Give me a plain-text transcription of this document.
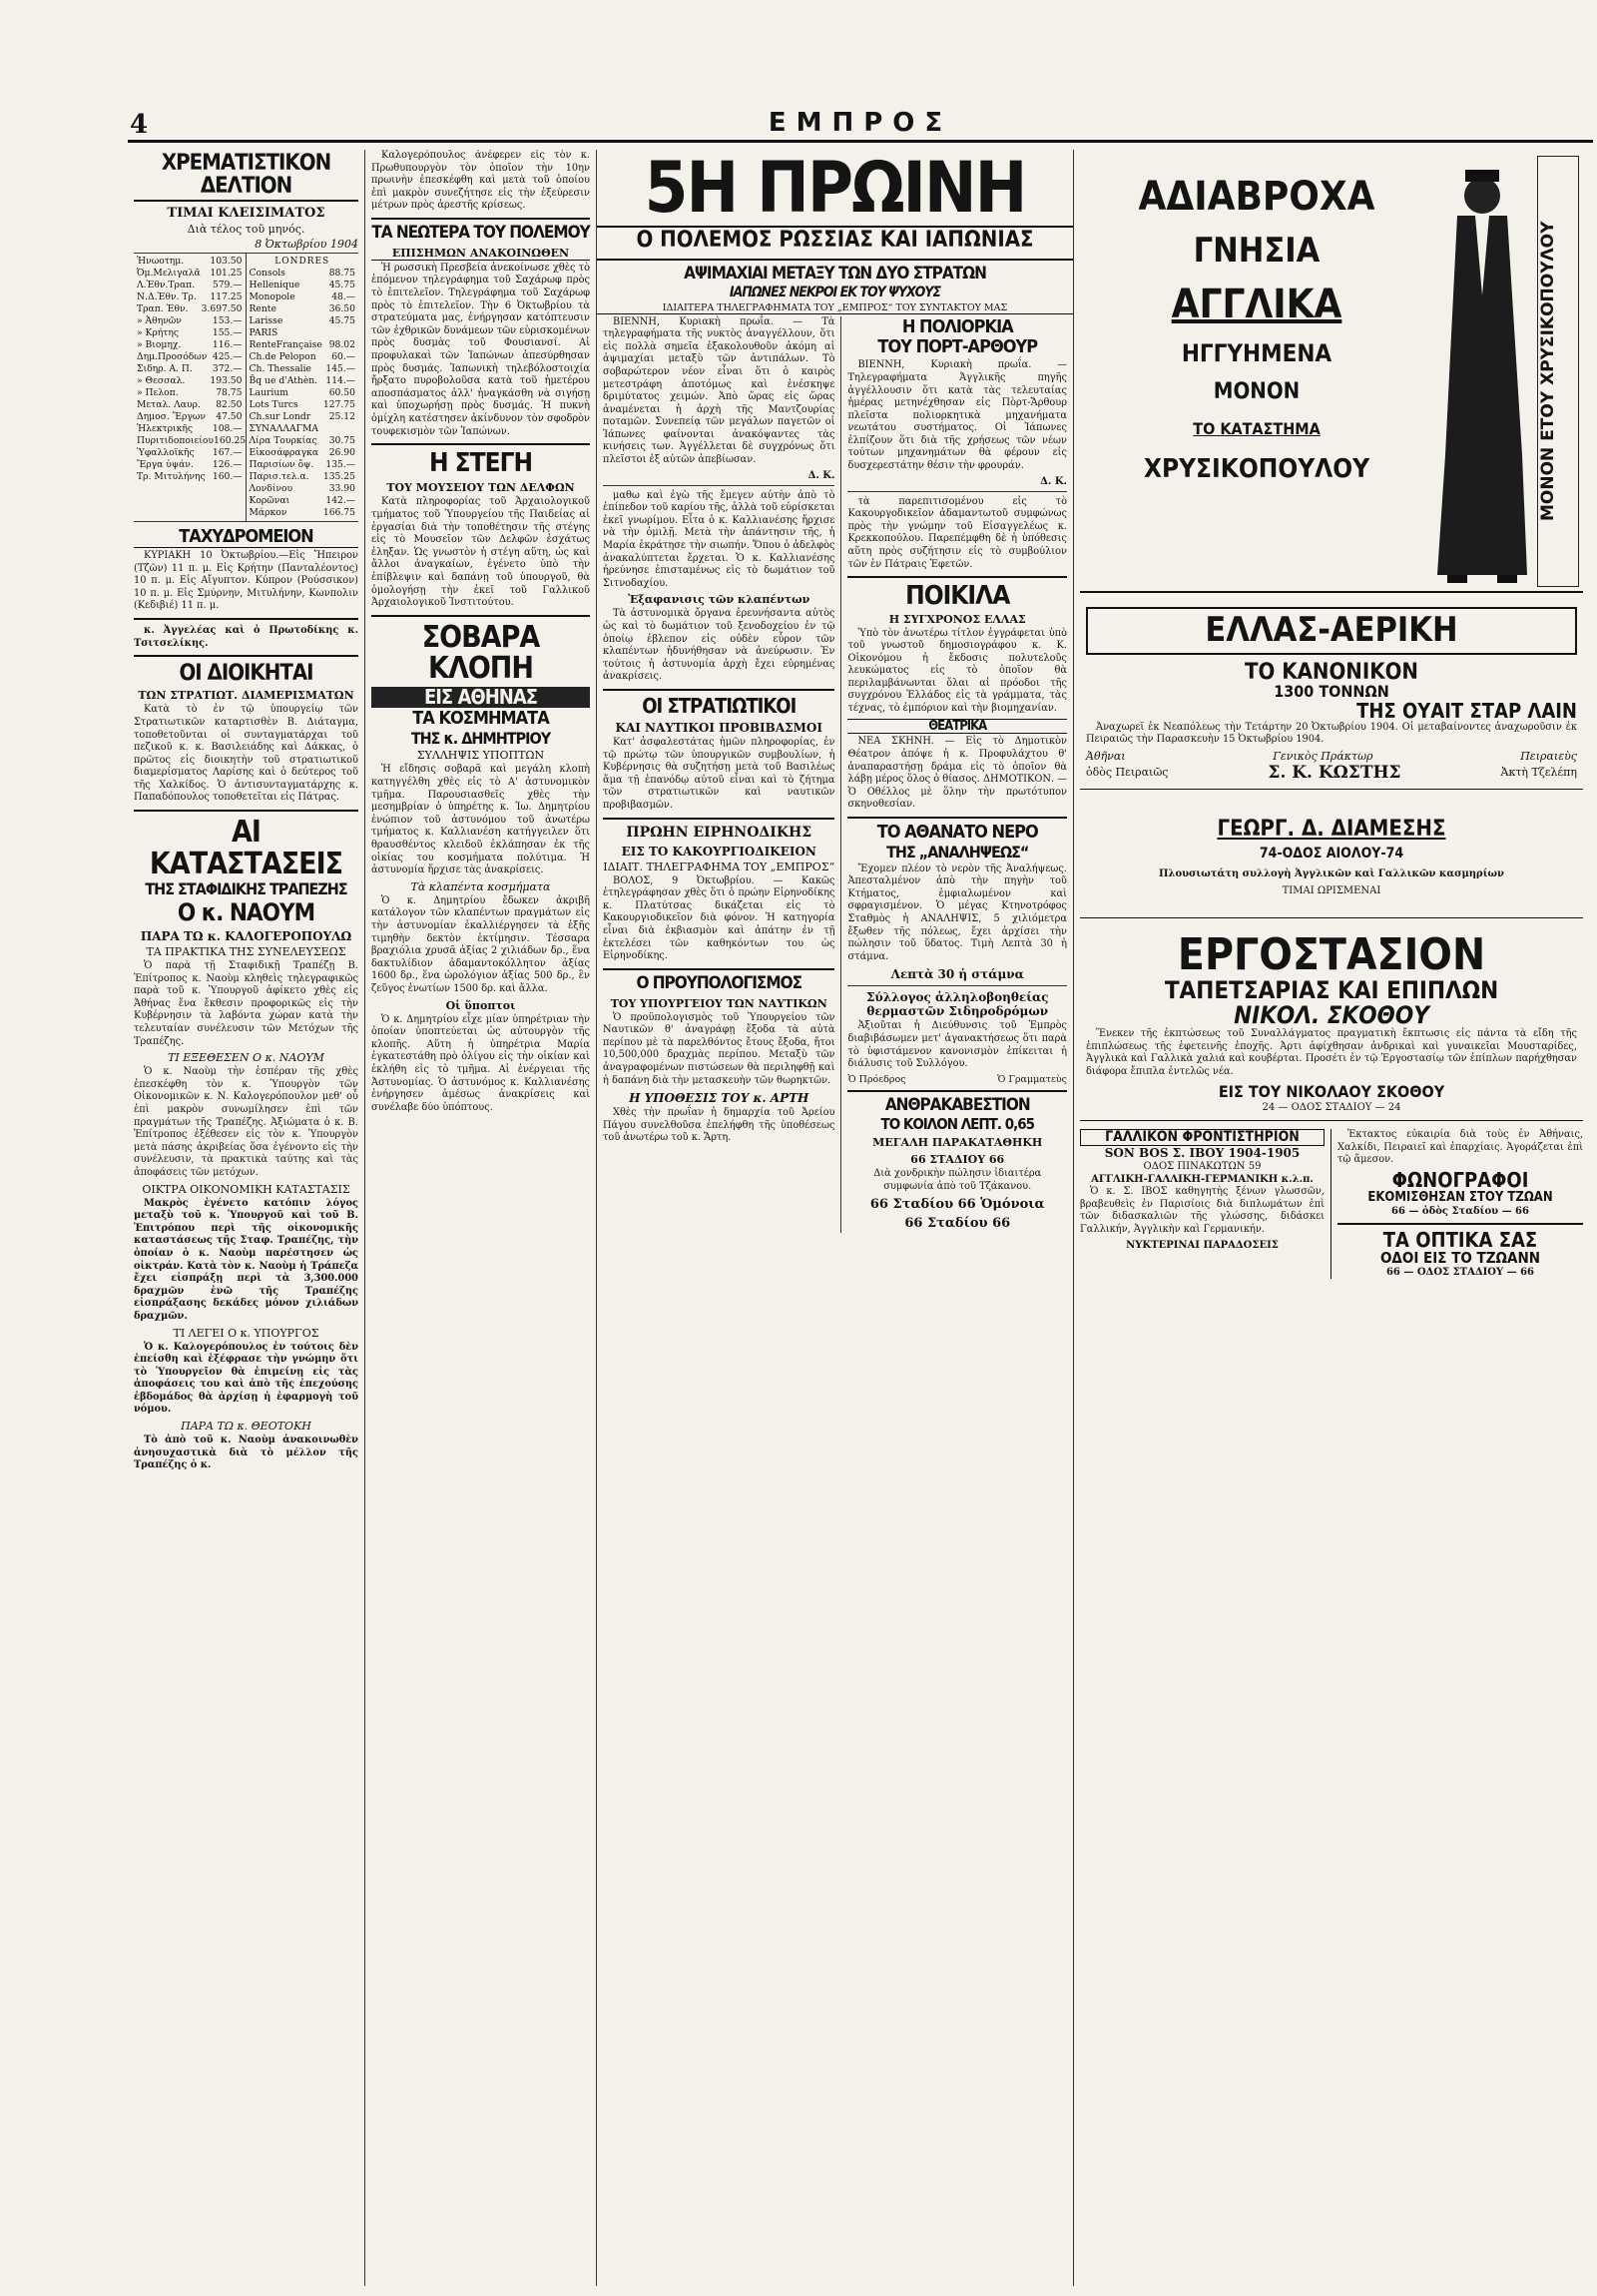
4	ΕΜΠΡΟΣ
ΧΡΕΜΑΤΙΣΤΙΚΟΝ ΔΕΛΤΙΟΝ
ΤΙΜΑΙ ΚΛΕΙΣΙΜΑΤΟΣ
Διὰ τέλος τοῦ μηνός.
8 Ὀκτωβρίου 1904
Ἡνωοτημ.	103.50
Ὀμ.Μελιγαλᾶ 101.25
Λ.Ἐθν.Τραπ. 579.—
Ν.Δ.Ἐθν. Τρ. 117.25
Τραπ. Ἐθν. 3.697.50
» Ἀθηνῶν	153.—
» Κρήτης	155.—
» Βιομηχ.	116.—
Δημ.Προσόδων 425.—
Σιδηρ. Α. Π. 372.—
» Θεσσαλ.	193.50
» Πελοπ.	78.75
Μεταλ. Λαυρ. 82.50
Δημοσ. Ἔργων 47.50
Ἠλεκτρικῆς 108.—
Πυριτιδοποιείου 160.25
Ὑφαλλοϊκῆς 167.—
Ἔργα ὑψάν. 126.—
Τρ. Μιτυλήνης 160.—
LONDRES
Consols	88.75
Hellenique	45.75
Monopole	48.—
Rente	36.50
Larisse	45.75
PARIS
RenteFrançaise 98.02
Ch.de Pelopon 60.—
Ch. Thessalie 145.—
B̄q ue d'Athèn. 114.—
Laurium	60.50
Lots Turcs	127.75
Ch.sur Londr 25.12
ΣΥΝΑΛΛΑΓΜΑ
Λίρα Τουρκίας 30.75
Εἰκοσάφραγκα 26.90
Παρισίων ὄψ. 135.—
Παρισ.τελ.α. 135.25
Λονδίνου	33.90
Κορῶναι	142.—
Μάρκον	166.75
ΤΑΧΥΔΡΟΜΕΙΟΝ

ΚΥΡΙΑΚΗ 10 Ὀκτωβρίου.—Εἰς Ἤπειρον (Τζῶν) 11 π. μ. Εἰς Κρήτην (Πανταλέοντος) 10 π. μ. Εἰς Αἴγυπτον. Κύπρον (Ρούσσικον) 10 π. μ. Εἰς Σμύρνην, Μιτυλήνην, Κωνπολιν (Κεδιβιέ) 11 π. μ.

κ. Ἀγγελέας καὶ ὁ Πρωτοδίκης κ. Τσιτσελίκης.

ΟΙ ΔΙΟΙΚΗΤΑΙ
ΤΩΝ ΣΤΡΑΤΙΩΤ. ΔΙΑΜΕΡΙΣΜΑΤΩΝ

Κατὰ τὸ ἐν τῷ ὑπουργείῳ τῶν Στρατιωτικῶν καταρτισθὲν Β. Διάταγμα, τοποθετοῦνται οἱ συνταγματάρχαι τοῦ πεζικοῦ κ. κ. Βασιλειάδης καὶ Δάκκας, ὁ πρῶτος εἰς διοικητὴν τοῦ στρατιωτικοῦ διαμερίσματος Λαρίσης καὶ ὁ δεύτερος τοῦ τῆς Χαλκίδος. Ὁ ἀντισυνταγματάρχης κ. Παπαδόπουλος τοποθετεῖται εἰς Πάτρας.

ΑΙ ΚΑΤΑΣΤΑΣΕΙΣ
ΤΗΣ ΣΤΑΦΙΔΙΚΗΣ ΤΡΑΠΕΖΗΣ
Ο κ. ΝΑΟΥΜ
ΠΑΡΑ ΤΩ κ. ΚΑΛΟΓΕΡΟΠΟΥΛΩ
ΤΑ ΠΡΑΚΤΙΚΑ ΤΗΣ ΣΥΝΕΛΕΥΣΕΩΣ

Ὁ παρὰ τῇ Σταφιδικῇ Τραπέζῃ Β. Ἐπίτροπος κ. Ναοὺμ κληθεὶς τηλεγραφικῶς παρὰ τοῦ κ. Ὑπουργοῦ ἀφίκετο χθὲς εἰς Ἀθήνας ἔνα ἔκθεσιν προφορικῶς εἰς τὴν Κυβέρνησιν τὰ λαβόντα χώραν κατὰ τὴν τελευταίαν συνέλευσιν τῶν Μετόχων τῆς Τραπέζης.

ΤΙ ΕΞΕΘΕΣΕΝ Ο κ. ΝΑΟΥΜ

Ὁ κ. Ναοὺμ τὴν ἑσπέραν τῆς χθὲς ἐπεσκέφθη τὸν κ. Ὑπουργὸν τῶν Οἰκονομικῶν κ. Ν. Καλογερόπουλον μεθ' οὗ ἐπὶ μακρὸν συνωμίλησεν ἐπὶ τῶν πραγμάτων τῆς Τραπέζης. Ἀξιώματα ὁ κ. Β. Ἐπίτροπος ἐξέθεσεν εἰς τὸν κ. Ὑπουργὸν μετὰ πάσης ἀκριβείας ὅσα ἐγένοντο εἰς τὴν συνέλευσιν, τὰ πρακτικὰ ταύτης καὶ τὰς ἀποφάσεις τῶν μετόχων.

ΟΙΚΤΡΑ ΟΙΚΟΝΟΜΙΚΗ ΚΑΤΑΣΤΑΣΙΣ

Μακρὸς ἐγένετο κατόπιν λόγος μεταξὺ τοῦ κ. Ὑπουργοῦ καὶ τοῦ Β. Ἐπιτρόπου περὶ τῆς οἰκονομικῆς καταστάσεως τῆς Σταφ. Τραπέζης, τὴν ὁποίαν ὁ κ. Ναοὺμ παρέστησεν ὡς οἰκτράν. Κατὰ τὸν κ. Ναοὺμ ἡ Τράπεζα ἔχει εἰσπράξῃ περὶ τὰ 3,300.000 δραχμῶν ἐνῶ τῆς Τραπέζης εἰσπράξασης δεκάδες μόνον χιλιάδων δραχμῶν.

ΤΙ ΛΕΓΕΙ Ο κ. ΥΠΟΥΡΓΟΣ

Ὁ κ. Καλογερόπουλος ἐν τούτοις δὲν ἐπείσθη καὶ ἐξέφρασε τὴν γνώμην ὅτι τὸ Ὑπουργεῖον θὰ ἐπιμείνῃ εἰς τὰς ἀποφάσεις του καὶ ἀπὸ τῆς ἐπεχούσης ἐβδομάδος θὰ ἀρχίσῃ ἡ ἐφαρμογὴ τοῦ νόμου.

ΠΑΡΑ ΤΩ κ. ΘΕΟΤΟΚΗ

Τὸ ἀπὸ τοῦ κ. Ναοὺμ ἀνακοινωθὲν ἀνησυχαστικὰ διὰ τὸ μέλλον τῆς Τραπέζης ὁ κ.

Καλογερόπουλος ἀνέφερεν εἰς τὸν κ. Πρωθυπουργὸν τὸν ὁποῖον τὴν 10ην πρωινὴν ἐπεσκέφθη καὶ μετὰ τοῦ ὁποίου ἐπὶ μακρὸν συνεζήτησε εἰς τὴν ἐξεύρεσιν μέτρων πρὸς ἀρεστῆς κρίσεως.

ΤΑ ΝΕΩΤΕΡΑ ΤΟΥ ΠΟΛΕΜΟΥ
ΕΠΙΣΗΜΩΝ ΑΝΑΚΟΙΝΩΘΕΝ

Ἡ ρωσσικὴ Πρεσβεία ἀνεκοίνωσε χθὲς τὸ ἑπόμενον τηλεγράφημα τοῦ Σαχάρωφ πρὸς τὸ ἐπιτελεῖον. Τηλεγράφημα τοῦ Σαχάρωφ πρὸς τὸ ἐπιτελεῖον. Τὴν 6 Ὀκτωβρίου τὰ στρατεύματα μας, ἐνήργησαν κατόπτευσιν τῶν ἐχθρικῶν δυνάμεων τῶν εὑρισκομένων πρὸς δυσμὰς τοῦ Φουσιανσί. Αἱ προφυλακαὶ τῶν Ἰαπώνων ἀπεσύρθησαν πρὸς δυσμάς. Ἰαπωνικὴ τηλεβόλοστοιχία ἤρξατο πυροβολοῦσα κατὰ τοῦ ἡμετέρου αποσπάσματος ἀλλ' ἠναγκάσθη νὰ σιγήσῃ καὶ ὑποχωρήσῃ πρὸς δυσμάς. Ἡ πυκνὴ ὁμίχλη κατέστησεν ἀκίνδυνον τὸν σφοδρὸν τουφεκισμὸν τῶν Ἰαπώνων.

Η ΣΤΕΓΗ
ΤΟΥ ΜΟΥΣΕΙΟΥ ΤΩΝ ΔΕΛΦΩΝ

Κατὰ πληροφορίας τοῦ Ἀρχαιολογικοῦ τμήματος τοῦ Ὑπουργείου τῆς Παιδείας αἱ ἐργασίαι διὰ τὴν τοποθέτησιν τῆς στέγης εἰς τὸ Μουσεῖον τῶν Δελφῶν ἐσχάτως ἐληξαν. Ὡς γνωστὸν ἡ στέγη αὕτη, ὡς καὶ ἄλλοι ἀναγκαίων, ἐγένετο ὑπὸ τὴν ἐπίβλεψιν καὶ δαπάνῃ τοῦ ὑπουργοῦ, θὰ ὁμολογήσῃ τὴν ἐκεῖ τοῦ Γαλλικοῦ Ἀρχαιολογικοῦ Ἰνστιτούτου.

ΣΟΒΑΡΑ ΚΛΟΠΗ
ΕΙΣ ΑΘΗΝΑΣ
ΤΑ ΚΟΣΜΗΜΑΤΑ
ΤΗΣ κ. ΔΗΜΗΤΡΙΟΥ
ΣΥΛΛΗΨΙΣ ΥΠΟΠΤΩΝ

Ἡ εἴδησις σοβαρᾶ καὶ μεγάλη κλοπὴ κατηγγέλθη χθὲς εἰς τὸ Α' ἀστυνομικὸν τμῆμα. Παρουσιασθεῖς χθὲς τὴν μεσημβρίαν ὁ ὑπηρέτης κ. Ἰω. Δημητρίου ἐνώπιον τοῦ ἀστυνόμου τοῦ ἀνωτέρω τμήματος κ. Καλλιανέση κατήγγειλεν ὅτι θραυσθέντος κλειδοῦ ἐκλάπησαν ἐκ τῆς οἰκίας του κοσμήματα πολύτιμα. Ἡ ἀστυνομία ἤρχισε τὰς ἀνακρίσεις.

Τὰ κλαπέντα κοσμήματα

Ὁ κ. Δημητρίου ἔδωκεν ἀκριβῆ κατάλογον τῶν κλαπέντων πραγμάτων εἰς τὴν ἀστυνομίαν ἐκαλλιέργησεν τὰ ἑξῆς τιμηθὴν δεκτὸν ἐκτίμησιν. Τέσσαρα βραχιόλια χρυσᾶ ἀξίας 2 χιλιάδων δρ., ἕνα δακτυλίδιον ἀδαμαντοκόλλητον ἀξίας 1600 δρ., ἕνα ὡρολόγιον ἀξίας 500 δρ., ἓν ζεῦγος ἐνωτίων 1500 δρ. καὶ ἄλλα.

Οἱ ὕποπτοι

Ὁ κ. Δημητρίου εἶχε μίαν ὑπηρέτριαν τὴν ὁποίαν ὑποπτεύεται ὡς αὐτουργὸν τῆς κλοπῆς. Αὕτη ἡ ὑπηρέτρια Μαρία ἐγκατεστάθη πρὸ ὀλίγου εἰς τὴν οἰκίαν καὶ ἐκλήθη εἰς τὸ τμῆμα. Αἱ ἐνέργειαι τῆς Ἀστυνομίας. Ὁ ἀστυνόμος κ. Καλλιανέσης ἐνήργησεν ἀμέσως ἀνακρίσεις καὶ συνέλαβε δύο ὑπόπτους.

5Η ΠΡΩΙΝΗ
Ο ΠΟΛΕΜΟΣ ΡΩΣΣΙΑΣ ΚΑΙ ΙΑΠΩΝΙΑΣ
ΑΨΙΜΑΧΙΑΙ ΜΕΤΑΞΥ ΤΩΝ ΔΥΟ ΣΤΡΑΤΩΝ
ΙΑΠΩΝΕΣ ΝΕΚΡΟΙ ΕΚ ΤΟΥ ΨΥΧΟΥΣ
ΙΔΙΑΙΤΕΡΑ ΤΗΛΕΓΡΑΦΗΜΑΤΑ ΤΟΥ „ΕΜΠΡΟΣ“ ΤΟΥ ΣΥΝΤΑΚΤΟΥ ΜΑΣ

ΒΙΕΝΝΗ, Κυριακὴ πρωΐα. — Τὰ τηλεγραφήματα τῆς νυκτὸς ἀναγγέλλουν, ὅτι εἰς πολλὰ σημεῖα ἐξακολουθοῦν ἀκόμη αἱ ἀψιμαχίαι μεταξὺ τῶν ἀντιπάλων. Τὸ σοβαρώτερον νέον εἶναι ὅτι ὁ καιρὸς μετεστράφη ἀποτόμως καὶ ἐνέσκηψε δριμύτατος χειμών. Ἀπὸ ὥρας εἰς ὥρας ἀναμένεται ἡ ἀρχὴ τῆς Μαντζουρίας ποταμῶν. Συνεπείᾳ τῶν μεγάλων παγετῶν οἱ Ἰάπωνες φαίνονται ἀνακόψαντες τὰς κινήσεις των. Ἀγγέλλεται δὲ συγχρόνως ὅτι πλεῖστοι ἐξ αὐτῶν ἀπεβίωσαν.

Δ. Κ.

μαθω καὶ ἐγὼ τῆς ἔμεγεν αὐτὴν ἀπὸ τὸ ἐπίπεδον τοῦ καρίου τῆς, ἀλλὰ τοῦ εὑρίσκεται ἐκεῖ γνωρίμου. Εἶτα ὁ κ. Καλλιανέσης ἤρχισε νὰ τὴν ὁμιλῇ. Μετὰ τὴν ἀπάντησιν τῆς, ἡ Μαρία ἐκράτησε τὴν σιωπήν. Ὅπου ὁ ἀδελφὸς ἀνακαλύπτεται ἔρχεται. Ὁ κ. Καλλιανέσης ἠρεύνησε ἐπισταμένως εἰς τὸ δωμάτιον τοῦ Σιτνοδαχίου.

Ἐξαφανισις τῶν κλαπέντων

Τὰ ἀστυνομικὰ ὄργανα ἐρευνήσαντα αὐτὸς ὡς καὶ τὸ δωμάτιον τοῦ ξενοδοχείου ἐν τῷ ὁποίῳ ἐβλεπον εἰς οὐδὲν εὗρον τῶν κλαπέντων ἠδυνήθησαν νὰ ἀνεύρωσιν. Ἐν τούτοις ἡ ἀστυνομία ἀρχὴ ἔχει εὐρημένας ἀνακρίσεις.

ΟΙ ΣΤΡΑΤΙΩΤΙΚΟΙ
ΚΑΙ ΝΑΥΤΙΚΟΙ ΠΡΟΒΙΒΑΣΜΟΙ

Κατ' ἀσφαλεστάτας ἡμῶν πληροφορίας, ἐν τῷ πρώτῳ τῶν ὑπουργικῶν συμβουλίων, ἡ Κυβέρνησις θὰ συζητήσῃ μετὰ τοῦ Βασιλέως ἅμα τῇ ἐπανόδῳ αὐτοῦ εἶναι καὶ τὸ ζήτημα τῶν στρατιωτικῶν καὶ ναυτικῶν προβιβασμῶν.

ΠΡΩΗΝ ΕΙΡΗΝΟΔΙΚΗΣ
ΕΙΣ ΤΟ ΚΑΚΟΥΡΓΙΟΔΙΚΕΙΟΝ
ΙΔΙΑΙΤ. ΤΗΛΕΓΡΑΦΗΜΑ ΤΟΥ „ΕΜΠΡΟΣ“

ΒΟΛΟΣ, 9 Ὀκτωβρίου. — Κακῶς ἐτηλεγράφησαν χθὲς ὅτι ὁ πρώην Εἰρηνοδίκης κ. Πλατύτσας δικάζεται εἰς τὸ Κακουργιοδικεῖον διὰ φόνον. Ἡ κατηγορία εἶναι διὰ ἐκβιασμὸν καὶ ἀπάτην ἐν τῇ ἐκτελέσει τῶν καθηκόντων του ὡς Εἰρηνοδίκης.

Ο ΠΡΟΥΠΟΛΟΓΙΣΜΟΣ
ΤΟΥ ΥΠΟΥΡΓΕΙΟΥ ΤΩΝ ΝΑΥΤΙΚΩΝ

Ὁ προϋπολογισμὸς τοῦ Ὑπουργείου τῶν Ναυτικῶν θ' ἀναγράφῃ ἔξοδα τὰ αὐτὰ περίπου μὲ τὰ παρελθόντος ἔτους ἔξοδα, ἤτοι 10,500,000 δραχμὰς περίπου. Μεταξὺ τῶν ἀναγραφομένων πιστώσεων θὰ περιληφθῇ καὶ ἡ δαπάνη διὰ τὴν μετασκευὴν τῶν θωρηκτῶν.

Η ΥΠΟΘΕΣΙΣ ΤΟΥ κ. ΑΡΤΗ

Χθὲς τὴν πρωΐαν ἡ δημαρχία τοῦ Ἀρείου Πάγου συνελθοῦσα ἐπελήφθη τῆς ὑποθέσεως τοῦ ἀνωτέρω τοῦ κ. Ἄρτη.

Η ΠΟΛΙΟΡΚΙΑ
ΤΟΥ ΠΟΡΤ-ΑΡΘΟΥΡ

ΒΙΕΝΝΗ, Κυριακὴ πρωΐα. — Τηλεγραφήματα Ἀγγλικῆς πηγῆς ἀγγέλλουσιν ὅτι κατὰ τὰς τελευταίας ἡμέρας μετηνέχθησαν εἰς Πὸρτ-Ἄρθουρ πλεῖστα πολιορκητικὰ μηχανήματα νεωτάτου συστήματος. Οἱ Ἰάπωνες ἐλπίζουν ὅτι διὰ τῆς χρήσεως τῶν νέων τούτων μηχανημάτων θὰ φέρουν εἰς δυσχερεστάτην θέσιν τὴν φρουράν.

Δ. Κ.

τὰ παρεπιτισομένου εἰς τὸ Κακουργοδικεῖον ἀδαμαντωτοῦ συμφώνως πρὸς τὴν γνώμην τοῦ Εἰσαγγελέως κ. Κρεκκοπούλου. Παρεπέμφθη δὲ ἡ ὑπόθεσις αὕτη πρὸς συζήτησιν εἰς τὸ συμβούλιον τῶν ἐν Πάτραις Ἐφετῶν.

ΠΟΙΚΙΛΑ
Η ΣΥΓΧΡΟΝΟΣ ΕΛΛΑΣ

Ὑπὸ τὸν ἀνωτέρω τίτλον ἐγγράφεται ὑπὸ τοῦ γνωστοῦ δημοσιογράφου κ. Κ. Οἰκονόμου ἡ ἔκδοσις πολυτελοῦς λευκώματος εἰς τὸ ὁποῖον θὰ περιλαμβάνωνται ὅλαι αἱ πρόοδοι τῆς συγχρόνου Ἑλλάδος εἰς τὰ γράμματα, τὰς τέχνας, τὸ ἐμπόριον καὶ τὴν βιομηχανίαν.

ΘΕΑΤΡΙΚΑ

ΝΕΑ ΣΚΗΝΗ. — Εἰς τὸ Δημοτικὸν Θέατρον ἀπόψε ἡ κ. Προφυλάχτου θ' ἀναπαραστήσῃ δράμα εἰς τὸ ὁποῖον θὰ λάβῃ μέρος ὅλος ὁ θίασος. ΔΗΜΟΤΙΚΟΝ. — Ὁ Οθέλλος μὲ ὅλην τὴν πρωτότυπον σκηνοθεσίαν.

ΤΟ ΑΘΑΝΑΤΟ ΝΕΡΟ
ΤΗΣ „ΑΝΑΛΗΨΕΩΣ“

Ἔχομεν πλέον τὸ νερὸν τῆς Ἀναλήψεως. Ἀπεσταλμένον ἀπὸ τὴν πηγὴν τοῦ Κτήματος, ἐμφιαλωμένον καὶ σφραγισμένον. Ὁ μέγας Κτηνοτρόφος Σταθμὸς ἡ ΑΝΑΛΗΨΙΣ, 5 χιλιόμετρα ἔξωθεν τῆς πόλεως, ἔχει ἀρχίσει τὴν πώλησιν τοῦ ὕδατος. Τιμὴ Λεπτὰ 30 ἡ στάμνα.

Λεπτὰ 30 ἡ στάμνα
Σύλλογος ἀλληλοβοηθείας θερμαστῶν Σιδηροδρόμων

Ἀξιοῦται ἡ Διεύθυνσις τοῦ Ἐμπρὸς διαβιβάσωμεν μετ' ἀγανακτήσεως ὅτι παρὰ τὸ ὑφιστάμενον κανονισμὸν ἐπίκειται ἡ διάλυσις τοῦ Συλλόγου.

Ὁ Πρόεδρος	Ὁ Γραμματεὺς
ΑΝΘΡΑΚΑΒΕΣΤΙΟΝ
ΤΟ ΚΟΙΛΟΝ ΛΕΠΤ. 0,65
ΜΕΓΑΛΗ ΠΑΡΑΚΑΤΑΘΗΚΗ
66 ΣΤΑΔΙΟΥ 66

Διὰ χονδρικὴν πώλησιν ἰδιαιτέρα συμφωνία ἀπὸ τοῦ Τζάκανου.

66 Σταδίου 66 Ὁμόνοια
66 Σταδίου 66
ΑΔΙΑΒΡΟΧΑ
ΓΝΗΣΙΑ
ΑΓΓΛΙΚΑ
ΗΓΓΥΗΜΕΝΑ
ΜΟΝΟΝ
ΤΟ ΚΑΤΑΣΤΗΜΑ
ΧΡΥΣΙΚΟΠΟΥΛΟΥ	ΜΟΝΟΝ ΕΤΟΥ ΧΡΥΣΙΚΟΠΟΥΛΟΥ
ΕΛΛΑΣ-ΑΕΡΙΚΗ
ΤΟ ΚΑΝΟΝΙΚΟΝ
1300 ΤΟΝΝΩΝ
ΤΗΣ ΟΥΑΙΤ ΣΤΑΡ ΛΑΙΝ

Ἀναχωρεῖ ἐκ Νεαπόλεως τὴν Τετάρτην 20 Ὀκτωβρίου 1904. Οἱ μεταβαίνοντες ἀναχωροῦσιν ἐκ Πειραιῶς τὴν Παρασκευὴν 15 Ὀκτωβρίου 1904.

Ἀθῆναι	Γενικὸς Πράκτωρ	Πειραιεὺς
ὁδὸς Πειραιῶς	Σ. Κ. ΚΩΣΤΗΣ	Ἀκτὴ Τζελέπη
ΓΕΩΡΓ. Δ. ΔΙΑΜΕΣΗΣ
74-ΟΔΟΣ ΑΙΟΛΟΥ-74
Πλουσιωτάτη συλλογὴ Ἀγγλικῶν καὶ Γαλλικῶν κασμηρίων
ΤΙΜΑΙ ΩΡΙΣΜΕΝΑΙ
ΕΡΓΟΣΤΑΣΙΟΝ
ΤΑΠΕΤΣΑΡΙΑΣ ΚΑΙ ΕΠΙΠΛΩΝ
ΝΙΚΟΛ. ΣΚΟΘΟΥ

Ἕνεκεν τῆς ἐκπτώσεως τοῦ Συναλλάγματος πραγματικὴ ἔκπτωσις εἰς πάντα τὰ εἴδη τῆς ἐπιπλώσεως τῆς ἐφετεινῆς ἐποχῆς. Ἀρτι ἀφίχθησαν ἀνδρικαὶ καὶ γυναικεῖαι Μουσταρίδες, Ἀγγλικὰ καὶ Γαλλικὰ χαλιά καὶ κουβέρται. Προσέτι ἐν τῷ Ἐργοστασίῳ τῶν ἐπίπλων παρήχθησαν διάφορα ἔπιπλα ἐντελῶς νέα.

ΕΙΣ ΤΟΥ ΝΙΚΟΛΑΟΥ ΣΚΟΘΟΥ
24 — ΟΔΟΣ ΣΤΑΔΙΟΥ — 24
ΓΑΛΛΙΚΟΝ ΦΡΟΝΤΙΣΤΗΡΙΟΝ
SON BOS Σ. ΙΒΟΥ 1904-1905
ΟΔΟΣ ΠΙΝΑΚΩΤΩΝ 59
ΑΓΓΛΙΚΗ-ΓΑΛΛΙΚΗ-ΓΕΡΜΑΝΙΚΗ κ.λ.π.

Ὁ κ. Σ. ΙΒΟΣ καθηγητὴς ξένων γλωσσῶν, βραβευθεὶς ἐν Παρισίοις διὰ διπλωμάτων ἐπὶ τῶν διδασκαλιῶν τῆς γλώσσης, διδάσκει Γαλλικήν, Ἀγγλικὴν καὶ Γερμανικήν.

ΝΥΚΤΕΡΙΝΑΙ ΠΑΡΑΔΟΣΕΙΣ

Ἐκτακτος εὐκαιρία διὰ τοὺς ἐν Ἀθήναις, Χαλκίδι, Πειραιεῖ καὶ ἐπαρχίαις. Ἀγοράζεται ἐπὶ τῷ ἄμεσον.

ΦΩΝΟΓΡΑΦΟΙ
ΕΚΟΜΙΣΘΗΣΑΝ ΣΤΟΥ ΤΖΩΑΝ
66 — ὁδὸς Σταδίου — 66
ΤΑ ΟΠΤΙΚΑ ΣΑΣ
ΟΔΟΙ ΕΙΣ ΤΟ ΤΖΩΑΝΝ
66 — ΟΔΟΣ ΣΤΑΔΙΟΥ — 66
